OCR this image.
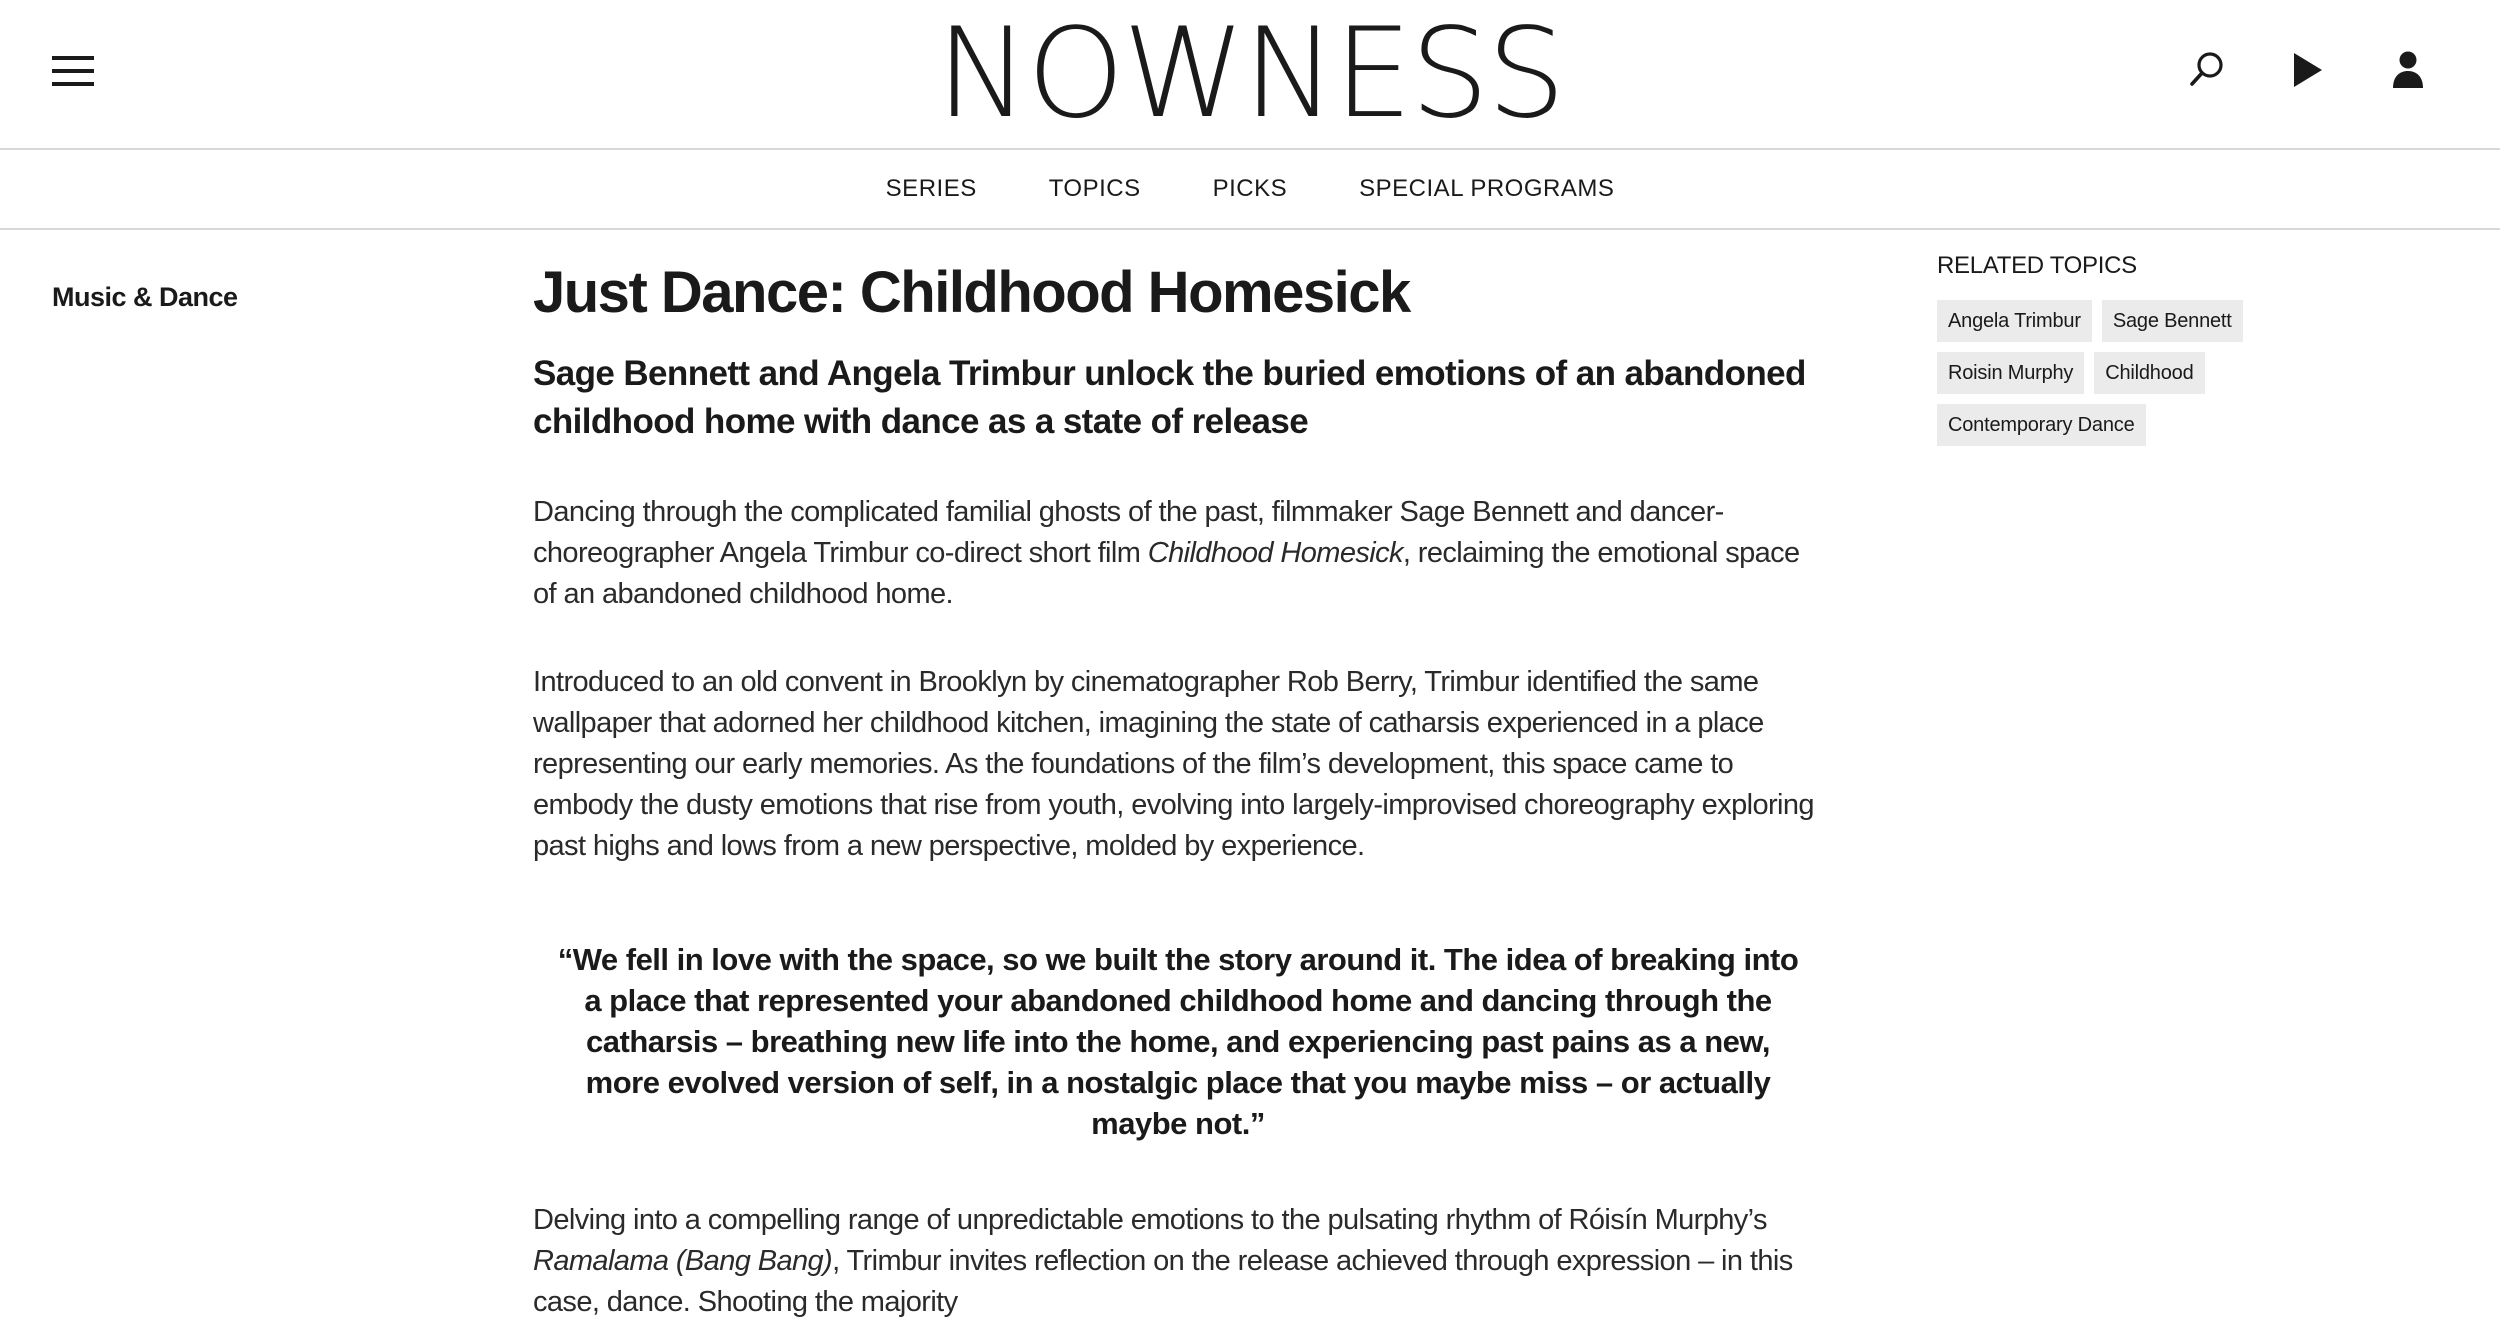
NOWNESS
SERIES	TOPICS	PICKS	SPECIAL PROGRAMS
Music & Dance	Just Dance: Childhood Homesick
Sage Bennett and Angela Trimbur unlock the buried emotions of an abandoned childhood home with dance as a state of release

Dancing through the complicated familial ghosts of the past, filmmaker Sage Bennett and dancer-choreographer Angela Trimbur co-direct short film Childhood Homesick, reclaiming the emotional space of an abandoned childhood home.

Introduced to an old convent in Brooklyn by cinematographer Rob Berry, Trimbur identified the same wallpaper that adorned her childhood kitchen, imagining the state of catharsis experienced in a place representing our early memories. As the foundations of the film’s development, this space came to embody the dusty emotions that rise from youth, evolving into largely-improvised choreography exploring past highs and lows from a new perspective, molded by experience.

“We fell in love with the space, so we built the story around it. The idea of breaking into a place that represented your abandoned childhood home and dancing through the catharsis – breathing new life into the home, and experiencing past pains as a new, more evolved version of self, in a nostalgic place that you maybe miss – or actually maybe not.”

Delving into a compelling range of unpredictable emotions to the pulsating rhythm of Róisín Murphy’s Ramalama (Bang Bang), Trimbur invites reflection on the release achieved through expression – in this case, dance. Shooting the majority

RELATED TOPICS
Angela Trimbur	Sage Bennett
Roisin Murphy	Childhood
Contemporary Dance
